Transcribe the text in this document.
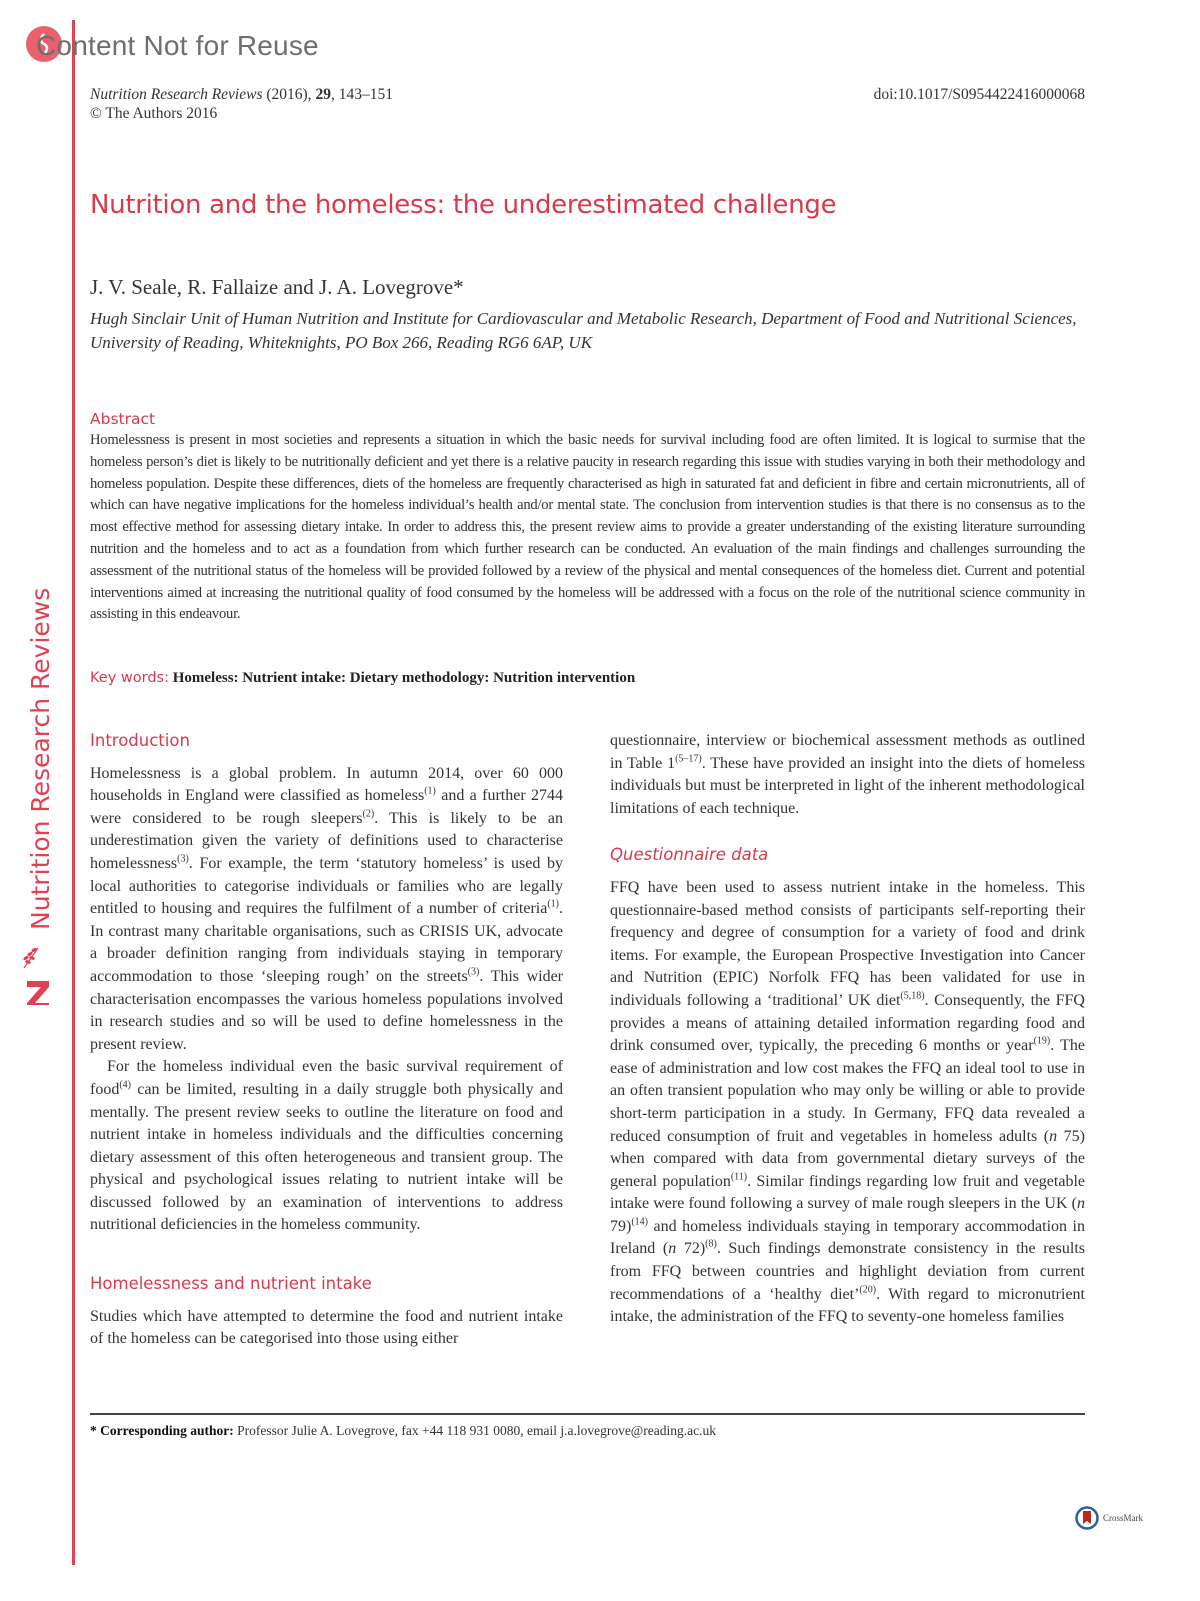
Content Not for Reuse
Nutrition Research Reviews (2016), 29, 143–151
© The Authors 2016
doi:10.1017/S0954422416000068
Nutrition Research Reviews
Nutrition and the homeless: the underestimated challenge
J. V. Seale, R. Fallaize and J. A. Lovegrove*
Hugh Sinclair Unit of Human Nutrition and Institute for Cardiovascular and Metabolic Research, Department of Food and Nutritional Sciences, University of Reading, Whiteknights, PO Box 266, Reading RG6 6AP, UK
Abstract
Homelessness is present in most societies and represents a situation in which the basic needs for survival including food are often limited. It is logical to surmise that the homeless person’s diet is likely to be nutritionally deficient and yet there is a relative paucity in research regarding this issue with studies varying in both their methodology and homeless population. Despite these differences, diets of the homeless are frequently characterised as high in saturated fat and deficient in fibre and certain micronutrients, all of which can have negative implications for the homeless individual’s health and/or mental state. The conclusion from intervention studies is that there is no consensus as to the most effective method for assessing dietary intake. In order to address this, the present review aims to provide a greater understanding of the existing literature surrounding nutrition and the homeless and to act as a foundation from which further research can be conducted. An evaluation of the main findings and challenges surrounding the assessment of the nutritional status of the homeless will be provided followed by a review of the physical and mental consequences of the homeless diet. Current and potential interventions aimed at increasing the nutritional quality of food consumed by the homeless will be addressed with a focus on the role of the nutritional science community in assisting in this endeavour.
Key words: Homeless: Nutrient intake: Dietary methodology: Nutrition intervention
Introduction

Homelessness is a global problem. In autumn 2014, over 60 000 households in England were classified as homeless$^{(1)}$ and a further 2744 were considered to be rough sleepers$^{(2)}$. This is likely to be an underestimation given the variety of definitions used to characterise homelessness$^{(3)}$. For example, the term ‘statutory homeless’ is used by local authorities to categorise individuals or families who are legally entitled to housing and requires the fulfilment of a number of criteria$^{(1)}$. In contrast many charitable organisations, such as CRISIS UK, advocate a broader definition ranging from individuals staying in temporary accommodation to those ‘sleeping rough’ on the streets$^{(3)}$. This wider characterisation encompasses the various homeless populations involved in research studies and so will be used to define homelessness in the present review.

For the homeless individual even the basic survival requirement of food$^{(4)}$ can be limited, resulting in a daily struggle both physically and mentally. The present review seeks to outline the literature on food and nutrient intake in homeless individuals and the difficulties concerning dietary assessment of this often heterogeneous and transient group. The physical and psychological issues relating to nutrient intake will be discussed followed by an examination of interventions to address nutritional deficiencies in the homeless community.

Homelessness and nutrient intake

Studies which have attempted to determine the food and nutrient intake of the homeless can be categorised into those using either

questionnaire, interview or biochemical assessment methods as outlined in Table 1$^{(5-17)}$. These have provided an insight into the diets of homeless individuals but must be interpreted in light of the inherent methodological limitations of each technique.

Questionnaire data

FFQ have been used to assess nutrient intake in the homeless. This questionnaire-based method consists of participants self-reporting their frequency and degree of consumption for a variety of food and drink items. For example, the European Prospective Investigation into Cancer and Nutrition (EPIC) Norfolk FFQ has been validated for use in individuals following a ‘traditional’ UK diet$^{(5,18)}$. Consequently, the FFQ provides a means of attaining detailed information regarding food and drink consumed over, typically, the preceding 6 months or year$^{(19)}$. The ease of administration and low cost makes the FFQ an ideal tool to use in an often transient population who may only be willing or able to provide short-term participation in a study. In Germany, FFQ data revealed a reduced consumption of fruit and vegetables in homeless adults (n 75) when compared with data from governmental dietary surveys of the general population$^{(11)}$. Similar findings regarding low fruit and vegetable intake were found following a survey of male rough sleepers in the UK (n 79)$^{(14)}$ and homeless individuals staying in temporary accommodation in Ireland (n 72)$^{(8)}$. Such findings demonstrate consistency in the results from FFQ between countries and highlight deviation from current recommendations of a ‘healthy diet’$^{(20)}$. With regard to micronutrient intake, the administration of the FFQ to seventy-one homeless families

* Corresponding author: Professor Julie A. Lovegrove, fax +44 118 931 0080, email j.a.lovegrove@reading.ac.uk
CrossMark
